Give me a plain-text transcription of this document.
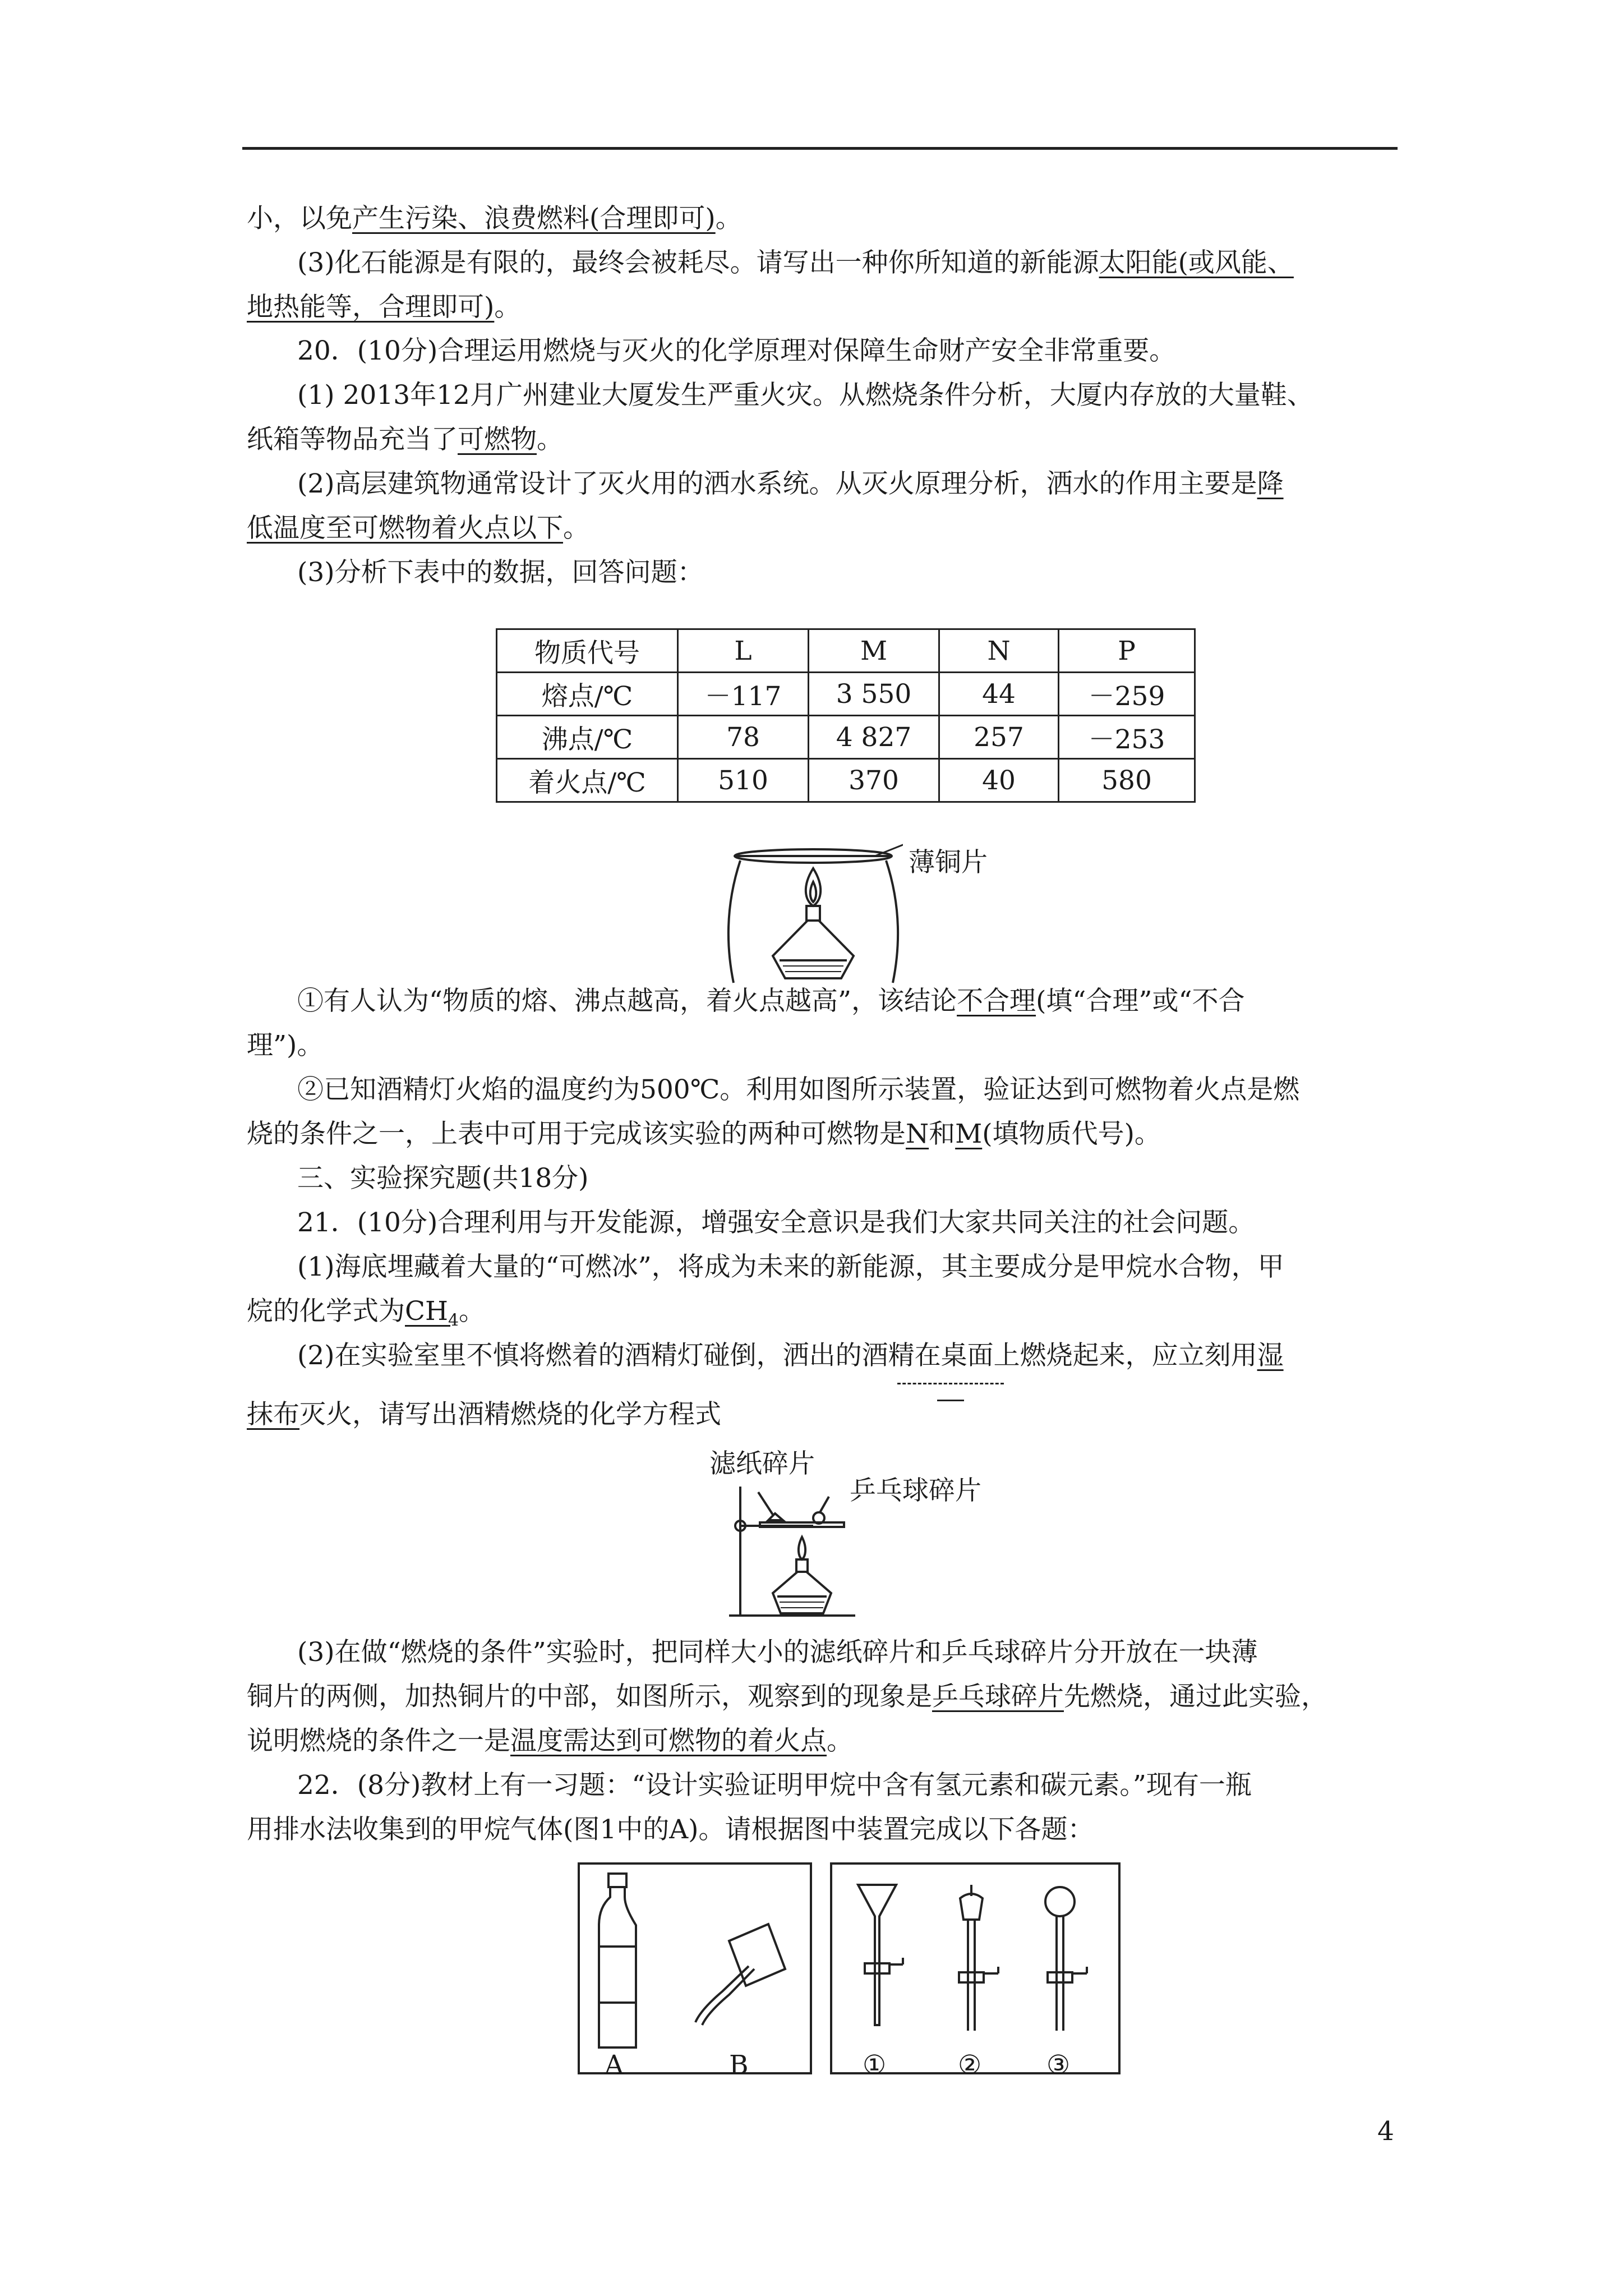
小，以免产生污染、浪费燃料(合理即可)。
(3)化石能源是有限的，最终会被耗尽。请写出一种你所知道的新能源太阳能(或风能、
地热能等，合理即可)。
20．(10分)合理运用燃烧与灭火的化学原理对保障生命财产安全非常重要。
(1) 2013年12月广州建业大厦发生严重火灾。从燃烧条件分析，大厦内存放的大量鞋、
纸箱等物品充当了可燃物。
(2)高层建筑物通常设计了灭火用的洒水系统。从灭火原理分析，洒水的作用主要是降
低温度至可燃物着火点以下。
(3)分析下表中的数据，回答问题：
物质代号	L	M	N	P
熔点/℃	－117	3 550	44	－259
沸点/℃	78	4 827	257	－253
着火点/℃	510	370	40	580
薄铜片
①有人认为“物质的熔、沸点越高，着火点越高”，该结论不合理(填“合理”或“不合
理”)。
②已知酒精灯火焰的温度约为500℃。利用如图所示装置，验证达到可燃物着火点是燃
烧的条件之一，上表中可用于完成该实验的两种可燃物是N和M(填物质代号)。
三、实验探究题(共18分)
21．(10分)合理利用与开发能源，增强安全意识是我们大家共同关注的社会问题。
(1)海底埋藏着大量的“可燃冰”，将成为未来的新能源，其主要成分是甲烷水合物，甲
烷的化学式为$CH_4$。
(2)在实验室里不慎将燃着的酒精灯碰倒，洒出的酒精在桌面上燃烧起来，应立刻用湿
抹布灭火，请写出酒精燃烧的化学方程式
滤纸碎片
乒乓球碎片
(3)在做“燃烧的条件”实验时，把同样大小的滤纸碎片和乒乓球碎片分开放在一块薄
铜片的两侧，加热铜片的中部，如图所示，观察到的现象是乒乓球碎片先燃烧，通过此实验，
说明燃烧的条件之一是温度需达到可燃物的着火点。
22．(8分)教材上有一习题：“设计实验证明甲烷中含有氢元素和碳元素。”现有一瓶
用排水法收集到的甲烷气体(图1中的A)。请根据图中装置完成以下各题：
A	B	①	② ③
4
